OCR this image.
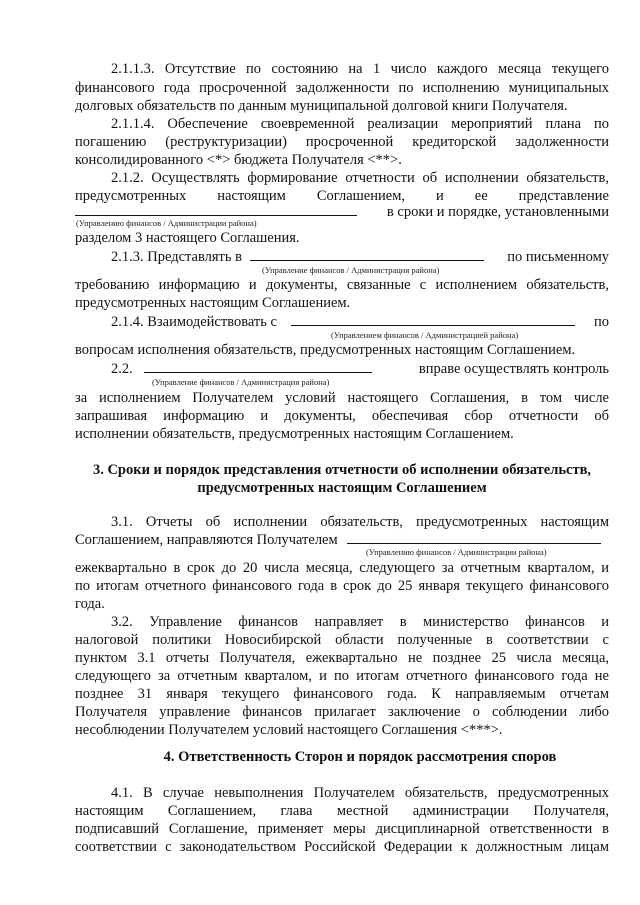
2.1.1.3. Отсутствие по состоянию на 1 число каждого месяца текущего
финансового года просроченной задолженности по исполнению муниципальных
долговых обязательств по данным муниципальной долговой книги Получателя.
2.1.1.4. Обеспечение своевременной реализации мероприятий плана по
погашению (реструктуризации) просроченной кредиторской задолженности
консолидированного <*> бюджета Получателя <**>.
2.1.2. Осуществлять формирование отчетности об исполнении обязательств,
предусмотренных настоящим Соглашением, и ее представление
в сроки и порядке, установленными
(Управлению финансов / Администрации района)
разделом 3 настоящего Соглашения.
2.1.3. Представлять в	по письменному
(Управление финансов / Администрация района)
требованию информацию и документы, связанные с исполнением обязательств,
предусмотренных настоящим Соглашением.
2.1.4. Взаимодействовать с	по
(Управлением финансов / Администрацией района)
вопросам исполнения обязательств, предусмотренных настоящим Соглашением.
2.2.	вправе осуществлять контроль
(Управление финансов / Администрация района)
за исполнением Получателем условий настоящего Соглашения, в том числе
запрашивая информацию и документы, обеспечивая сбор отчетности об
исполнении обязательств, предусмотренных настоящим Соглашением.
3. Сроки и порядок представления отчетности об исполнении обязательств,
предусмотренных настоящим Соглашением
3.1. Отчеты об исполнении обязательств, предусмотренных настоящим
Соглашением, направляются Получателем
(Управлению финансов / Администрации района)
ежеквартально в срок до 20 числа месяца, следующего за отчетным кварталом, и
по итогам отчетного финансового года в срок до 25 января текущего финансового
года.
3.2. Управление финансов направляет в министерство финансов и
налоговой политики Новосибирской области полученные в соответствии с
пунктом 3.1 отчеты Получателя, ежеквартально не позднее 25 числа месяца,
следующего за отчетным кварталом, и по итогам отчетного финансового года не
позднее 31 января текущего финансового года. К направляемым отчетам
Получателя управление финансов прилагает заключение о соблюдении либо
несоблюдении Получателем условий настоящего Соглашения <***>.
4. Ответственность Сторон и порядок рассмотрения споров
4.1. В случае невыполнения Получателем обязательств, предусмотренных
настоящим Соглашением, глава местной администрации Получателя,
подписавший Соглашение, применяет меры дисциплинарной ответственности в
соответствии с законодательством Российской Федерации к должностным лицам
